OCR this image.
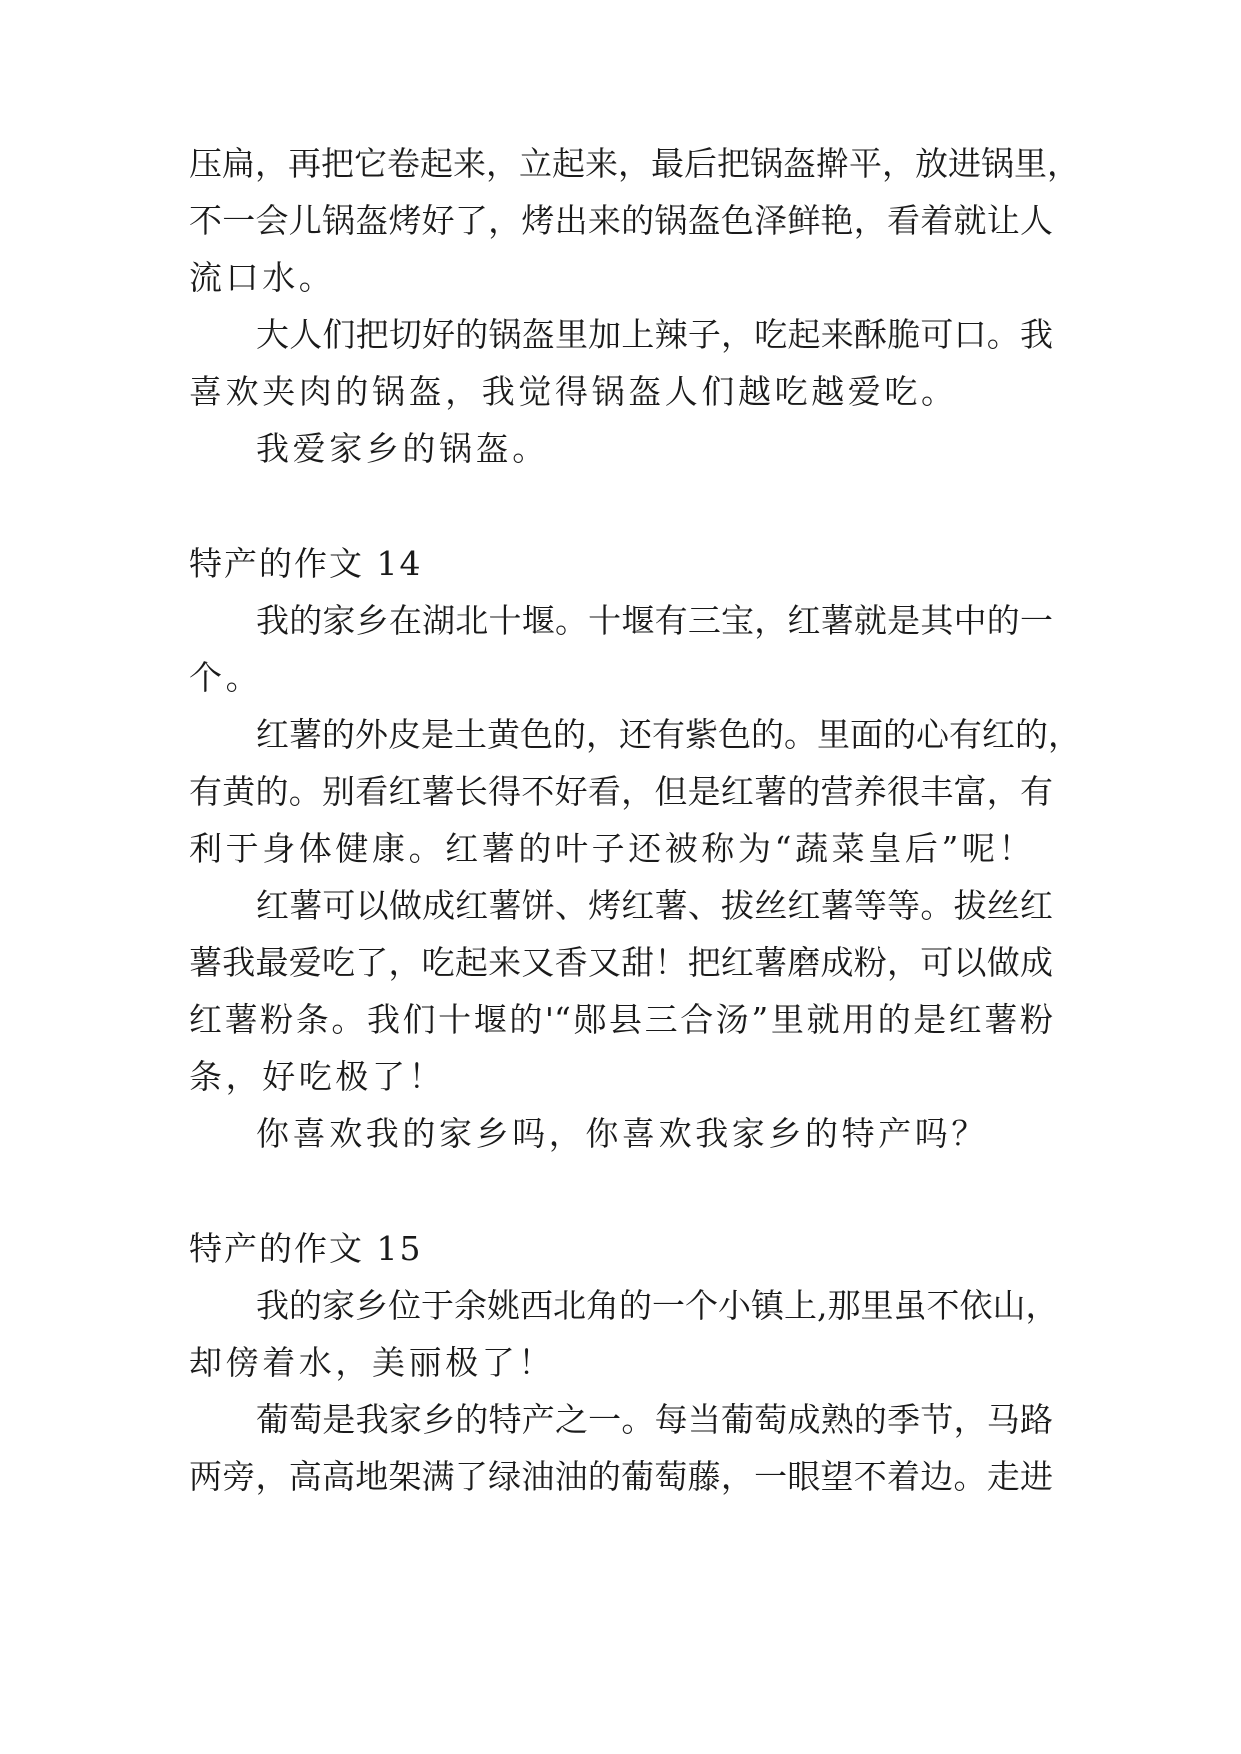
压扁，再把它卷起来，立起来，最后把锅盔擀平，放进锅里，
不一会儿锅盔烤好了，烤出来的锅盔色泽鲜艳，看着就让人
流口水。
大人们把切好的锅盔里加上辣子，吃起来酥脆可口。我
喜欢夹肉的锅盔，我觉得锅盔人们越吃越爱吃。
我爱家乡的锅盔。
特产的作文 14
我的家乡在湖北十堰。十堰有三宝，红薯就是其中的一
个。
红薯的外皮是土黄色的，还有紫色的。里面的心有红的，
有黄的。别看红薯长得不好看，但是红薯的营养很丰富，有
利于身体健康。红薯的叶子还被称为“蔬菜皇后”呢！
红薯可以做成红薯饼、烤红薯、拔丝红薯等等。拔丝红
薯我最爱吃了，吃起来又香又甜！把红薯磨成粉，可以做成
红薯粉条。我们十堰的'“郧县三合汤”里就用的是红薯粉
条，好吃极了！
你喜欢我的家乡吗，你喜欢我家乡的特产吗？
特产的作文 15
我的家乡位于余姚西北角的一个小镇上,那里虽不依山，
却傍着水，美丽极了！
葡萄是我家乡的特产之一。每当葡萄成熟的季节，马路
两旁，高高地架满了绿油油的葡萄藤，一眼望不着边。走进
